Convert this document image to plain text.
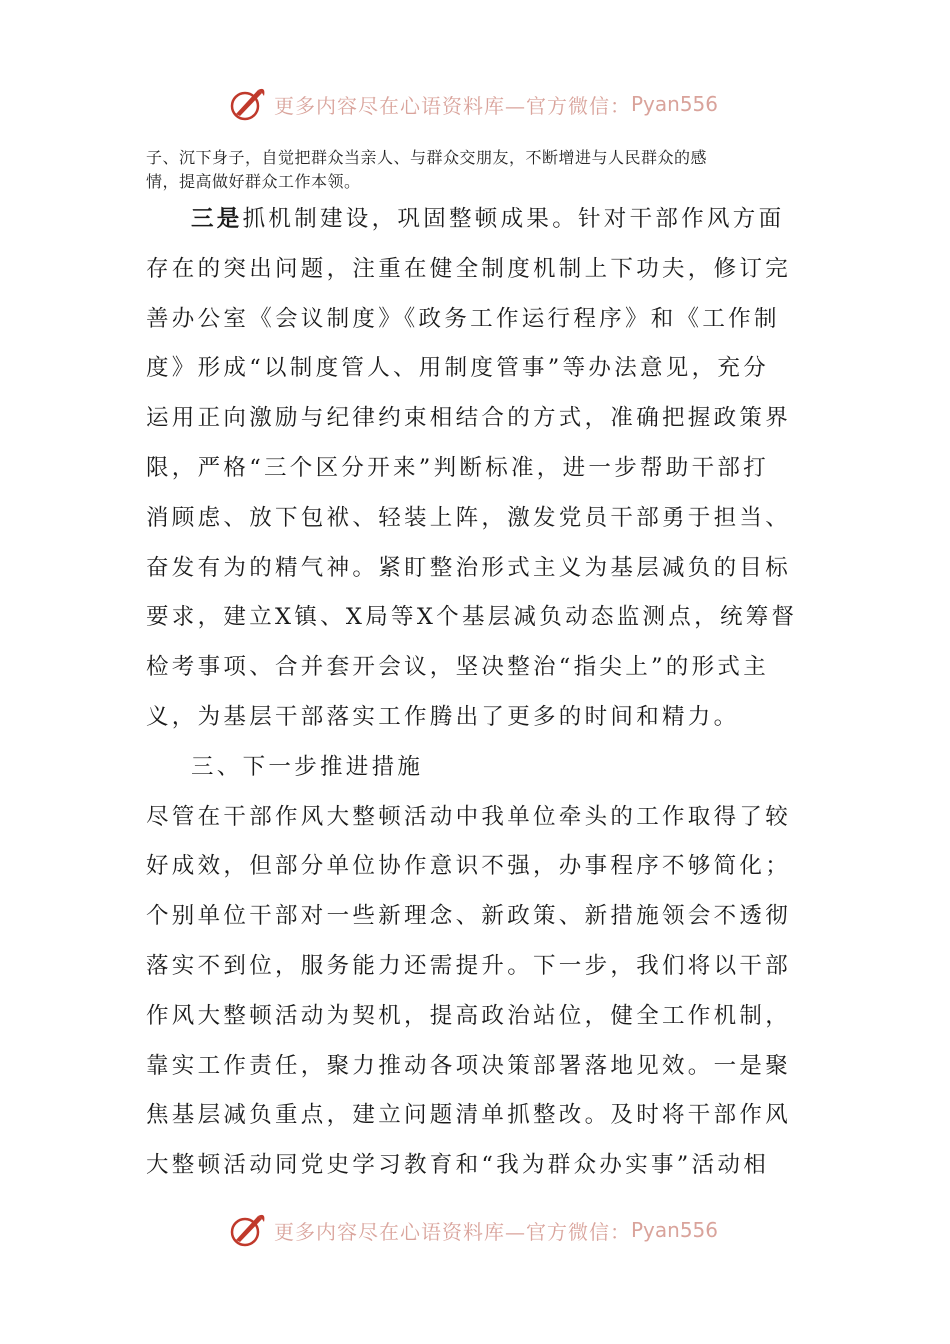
更多内容尽在心语资料库—官方微信： Pyan556
子、沉下身子，自觉把群众当亲人、与群众交朋友，不断增进与人民群众的感
情，提高做好群众工作本领。
三是抓机制建设，巩固整顿成果。针对干部作风方面
存在的突出问题，注重在健全制度机制上下功夫，修订完
善办公室《会议制度》《政务工作运行程序》和《工作制
度》形成“以制度管人、用制度管事”等办法意见，充分
运用正向激励与纪律约束相结合的方式，准确把握政策界
限，严格“三个区分开来”判断标准，进一步帮助干部打
消顾虑、放下包袱、轻装上阵，激发党员干部勇于担当、
奋发有为的精气神。紧盯整治形式主义为基层减负的目标
要求，建立X镇、X局等X个基层减负动态监测点，统筹督
检考事项、合并套开会议，坚决整治“指尖上”的形式主
义，为基层干部落实工作腾出了更多的时间和精力。
三、下一步推进措施
尽管在干部作风大整顿活动中我单位牵头的工作取得了较
好成效，但部分单位协作意识不强，办事程序不够简化；
个别单位干部对一些新理念、新政策、新措施领会不透彻
落实不到位，服务能力还需提升。下一步，我们将以干部
作风大整顿活动为契机，提高政治站位，健全工作机制，
靠实工作责任，聚力推动各项决策部署落地见效。一是聚
焦基层减负重点，建立问题清单抓整改。及时将干部作风
大整顿活动同党史学习教育和“我为群众办实事”活动相
更多内容尽在心语资料库—官方微信： Pyan556
